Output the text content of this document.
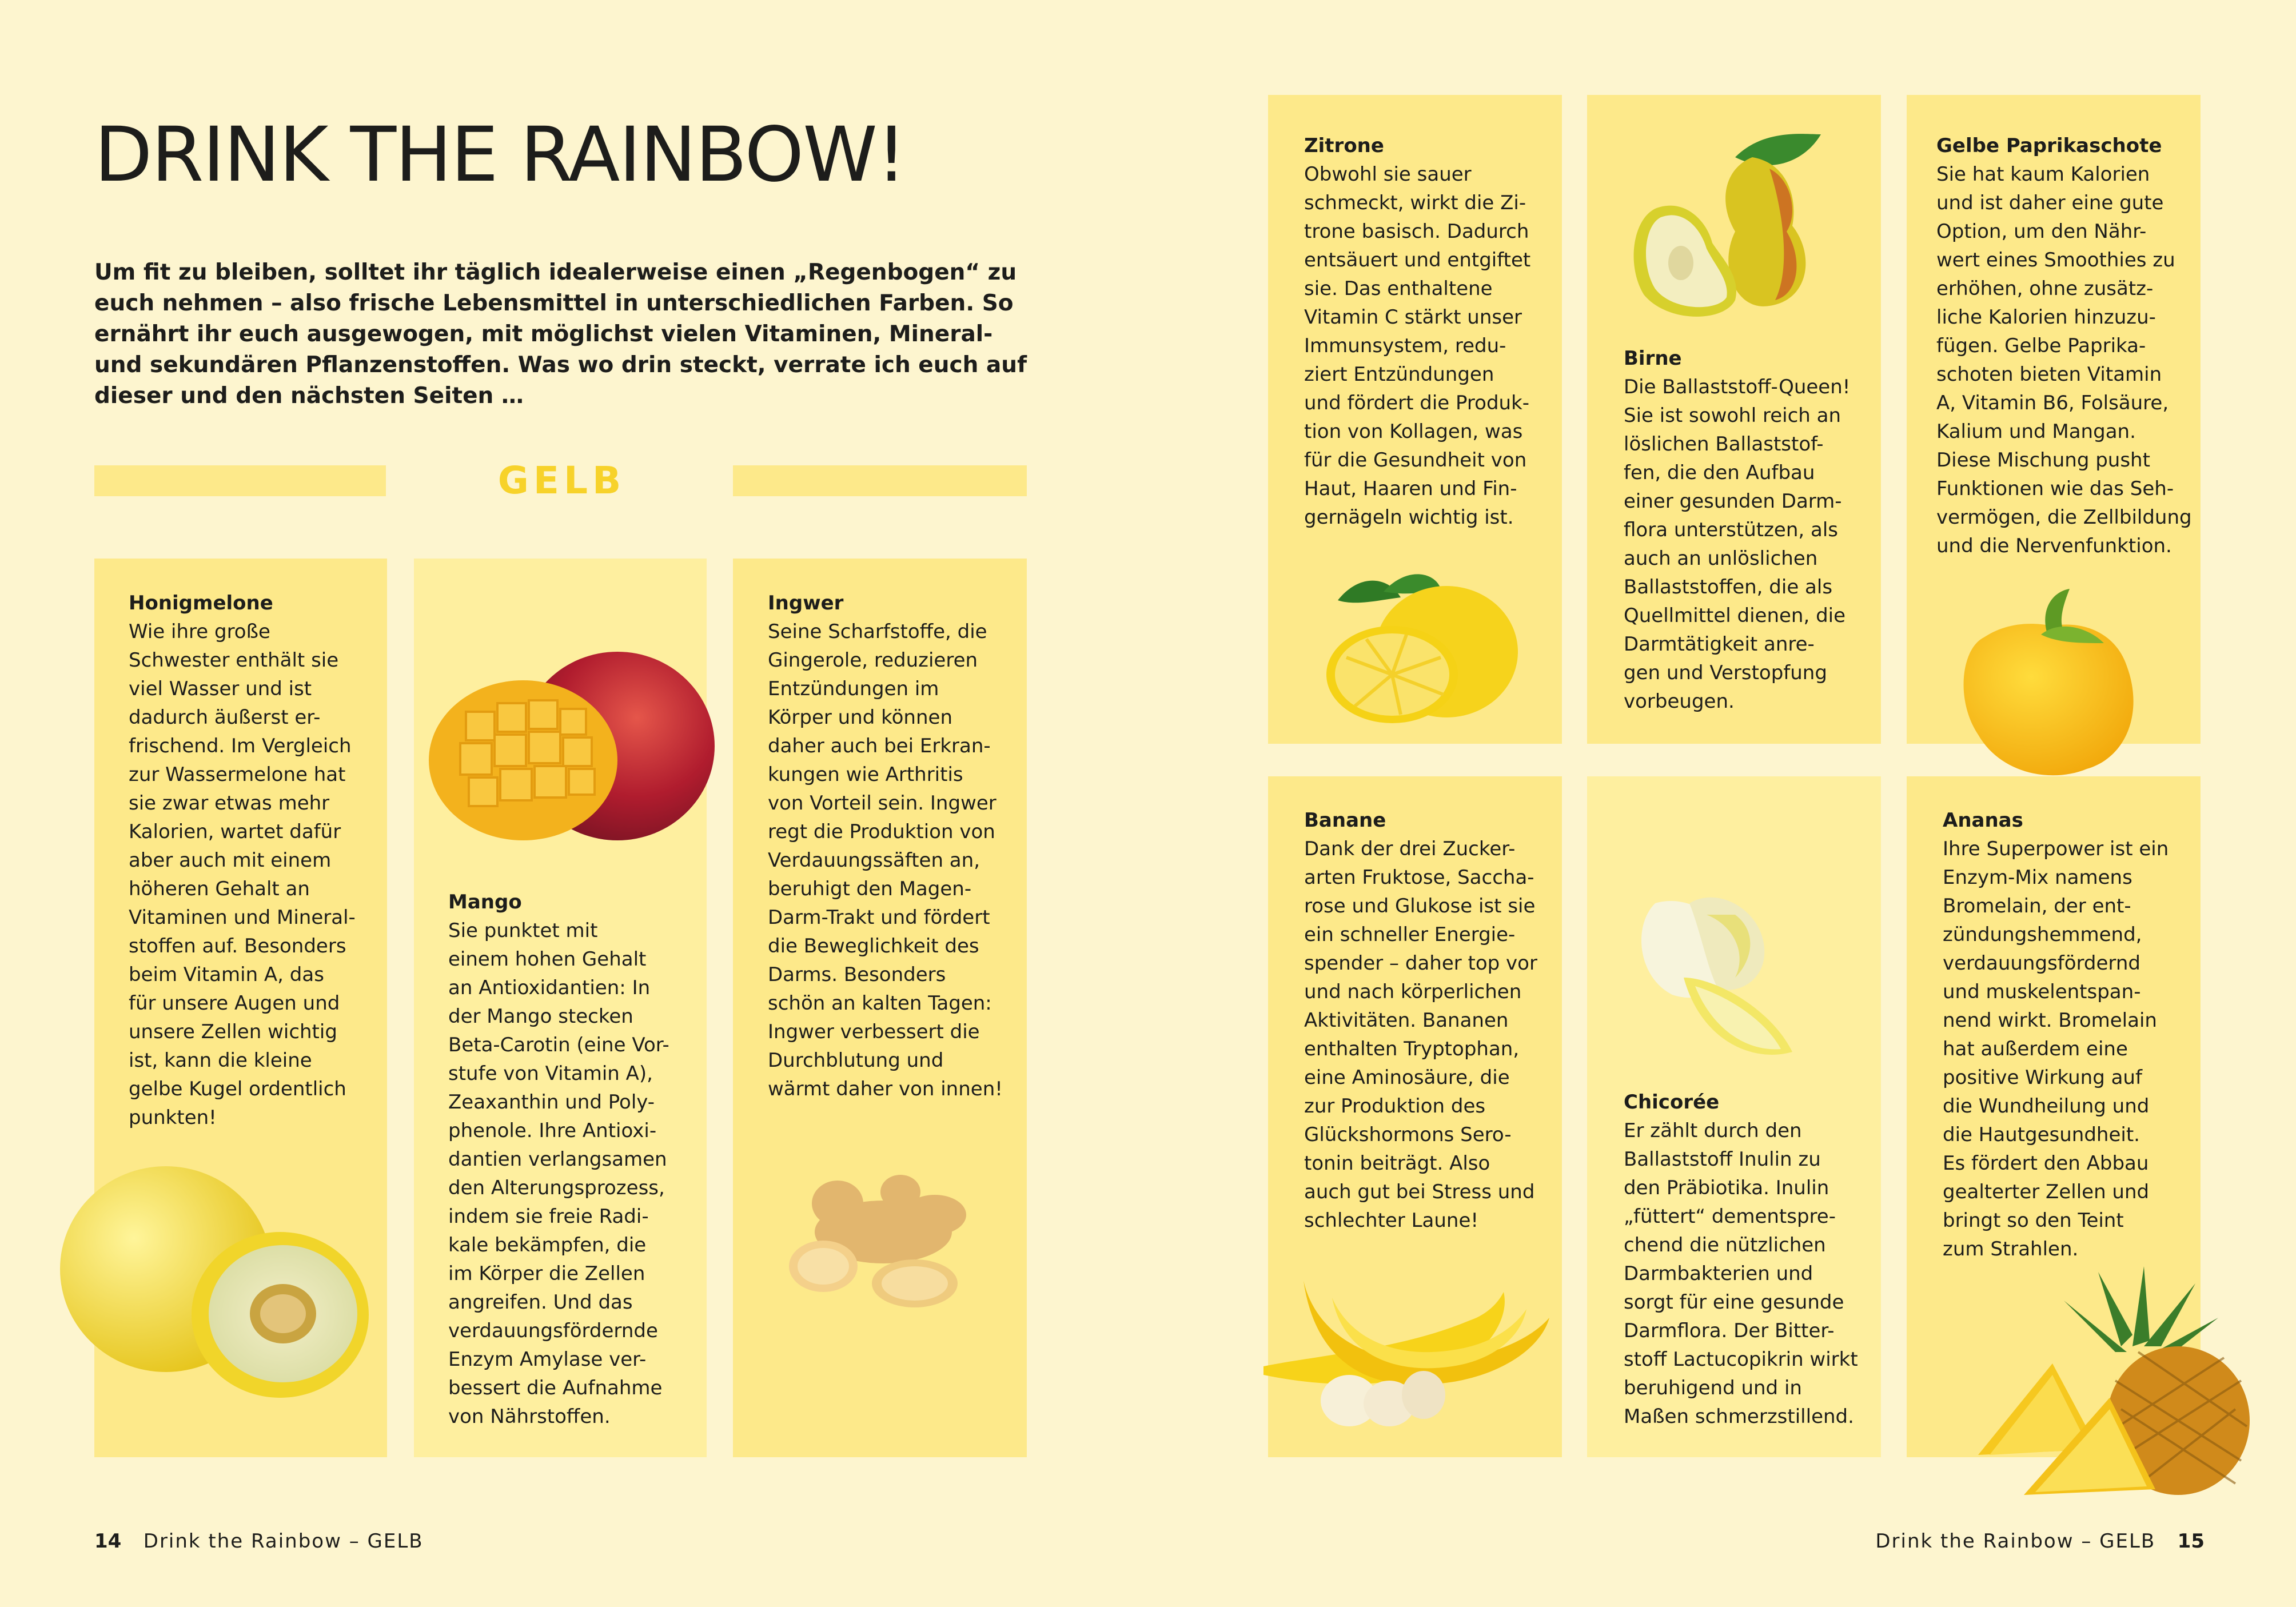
DRINK THE RAINBOW!

Um fit zu bleiben, solltet ihr täglich idealerweise einen „Regenbogen“ zu euch nehmen – also frische Lebensmittel in unterschiedlichen Farben. So ernährt ihr euch ausgewogen, mit möglichst vielen Vitaminen, Mineral- und sekundären Pflanzenstoffen. Was wo drin steckt, verrate ich euch auf dieser und den nächsten Seiten …

GELB
Honigmelone
Wie ihre große
Schwester enthält sie
viel Wasser und ist
dadurch äußerst er-
frischend. Im Vergleich
zur Wassermelone hat
sie zwar etwas mehr
Kalorien, wartet dafür
aber auch mit einem
höheren Gehalt an
Vitaminen und Mineral-
stoffen auf. Besonders
beim Vitamin A, das
für unsere Augen und
unsere Zellen wichtig
ist, kann die kleine
gelbe Kugel ordentlich
punkten!
Mango
Sie punktet mit
einem hohen Gehalt
an Antioxidantien: In
der Mango stecken
Beta-Carotin (eine Vor-
stufe von Vitamin A),
Zeaxanthin und Poly-
phenole. Ihre Antioxi-
dantien verlangsamen
den Alterungsprozess,
indem sie freie Radi-
kale bekämpfen, die
im Körper die Zellen
angreifen. Und das
verdauungsfördernde
Enzym Amylase ver-
bessert die Aufnahme
von Nährstoffen.
Ingwer
Seine Scharfstoffe, die
Gingerole, reduzieren
Entzündungen im
Körper und können
daher auch bei Erkran-
kungen wie Arthritis
von Vorteil sein. Ingwer
regt die Produktion von
Verdauungssäften an,
beruhigt den Magen-
Darm-Trakt und fördert
die Beweglichkeit des
Darms. Besonders
schön an kalten Tagen:
Ingwer verbessert die
Durchblutung und
wärmt daher von innen!
Zitrone
Obwohl sie sauer
schmeckt, wirkt die Zi-
trone basisch. Dadurch
entsäuert und entgiftet
sie. Das enthaltene
Vitamin C stärkt unser
Immunsystem, redu-
ziert Entzündungen
und fördert die Produk-
tion von Kollagen, was
für die Gesundheit von
Haut, Haaren und Fin-
gernägeln wichtig ist.
Birne
Die Ballaststoff-Queen!
Sie ist sowohl reich an
löslichen Ballaststof-
fen, die den Aufbau
einer gesunden Darm-
flora unterstützen, als
auch an unlöslichen
Ballaststoffen, die als
Quellmittel dienen, die
Darmtätigkeit anre-
gen und Verstopfung
vorbeugen.
Gelbe Paprikaschote
Sie hat kaum Kalorien
und ist daher eine gute
Option, um den Nähr-
wert eines Smoothies zu
erhöhen, ohne zusätz-
liche Kalorien hinzuzu-
fügen. Gelbe Paprika-
schoten bieten Vitamin
A, Vitamin B6, Folsäure,
Kalium und Mangan.
Diese Mischung pusht
Funktionen wie das Seh-
vermögen, die Zellbildung
und die Nervenfunktion.
Banane
Dank der drei Zucker-
arten Fruktose, Saccha-
rose und Glukose ist sie
ein schneller Energie-
spender – daher top vor
und nach körperlichen
Aktivitäten. Bananen
enthalten Tryptophan,
eine Aminosäure, die
zur Produktion des
Glückshormons Sero-
tonin beiträgt. Also
auch gut bei Stress und
schlechter Laune!
Chicorée
Er zählt durch den
Ballaststoff Inulin zu
den Präbiotika. Inulin
„füttert“ dementspre-
chend die nützlichen
Darmbakterien und
sorgt für eine gesunde
Darmflora. Der Bitter-
stoff Lactucopikrin wirkt
beruhigend und in
Maßen schmerzstillend.
Ananas
Ihre Superpower ist ein
Enzym-Mix namens
Bromelain, der ent-
zündungshemmend,
verdauungsfördernd
und muskelentspan-
nend wirkt. Bromelain
hat außerdem eine
positive Wirkung auf
die Wundheilung und
die Hautgesundheit.
Es fördert den Abbau
gealterter Zellen und
bringt so den Teint
zum Strahlen.
14 Drink the Rainbow – GELB	Drink the Rainbow – GELB 15
